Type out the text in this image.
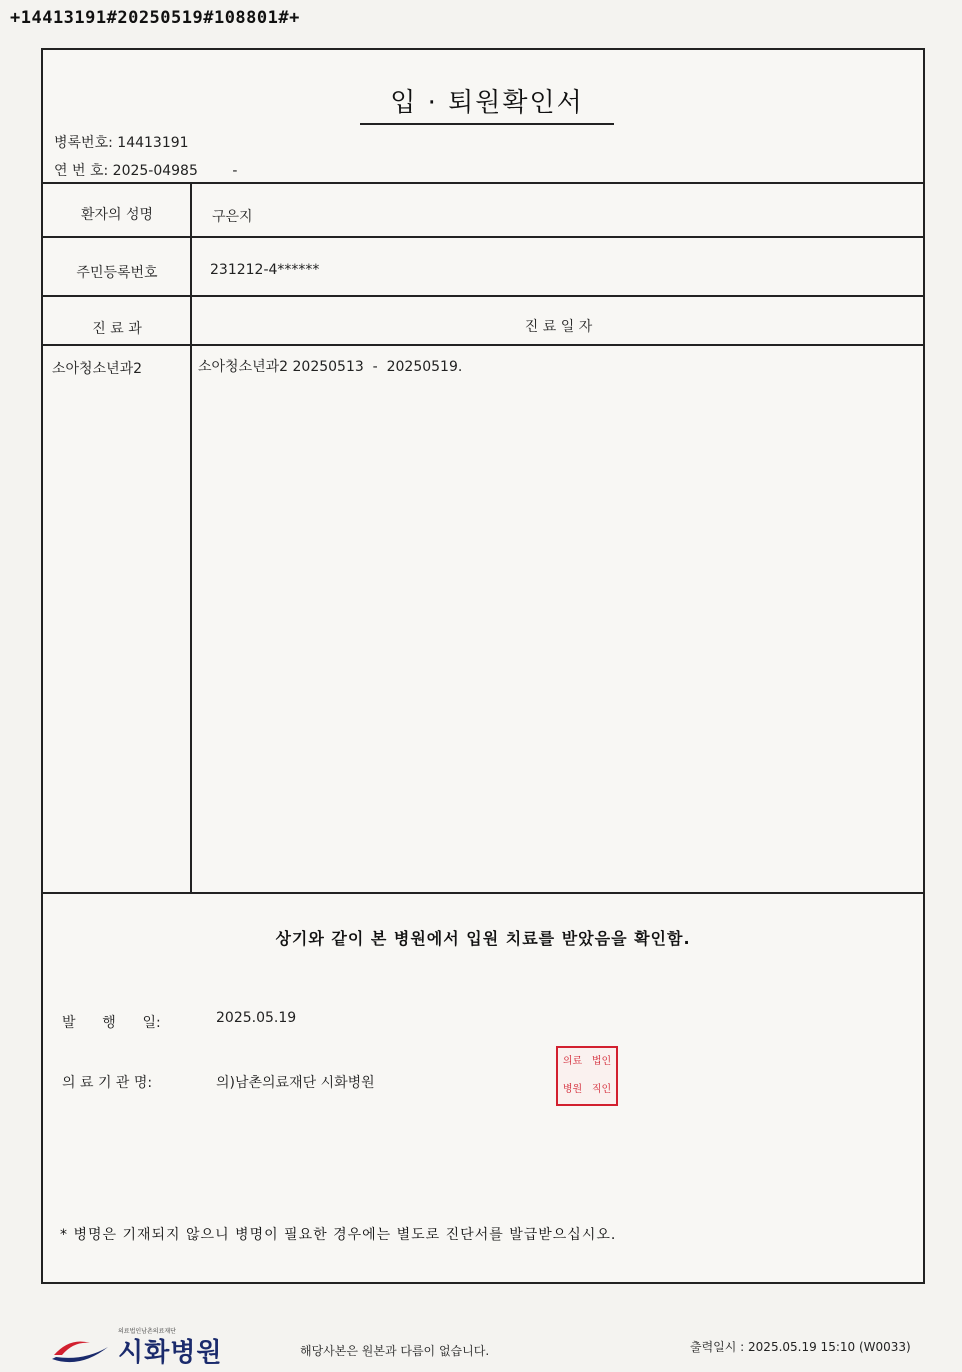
+14413191#20250519#108801#+
입 · 퇴원확인서
병록번호: 14413191
연 번 호: 2025-04985 -
환자의 성명	구은지
주민등록번호	231212-4******
진 료 과	진 료 일 자
소아청소년과2	소아청소년과2 20250513  -  20250519.
상기와 같이 본 병원에서 입원 치료를 받았음을 확인함.
발      행      일:	2025.05.19
의 료 기 관 명:	의)남촌의료재단 시화병원
의료 법인
병원 직인
* 병명은 기재되지 않으니 병명이 필요한 경우에는 별도로 진단서를 발급받으십시오.
의료법인남촌의료재단
시화병원	해당사본은 원본과 다름이 없습니다.	출력일시 : 2025.05.19 15:10 (W0033)
